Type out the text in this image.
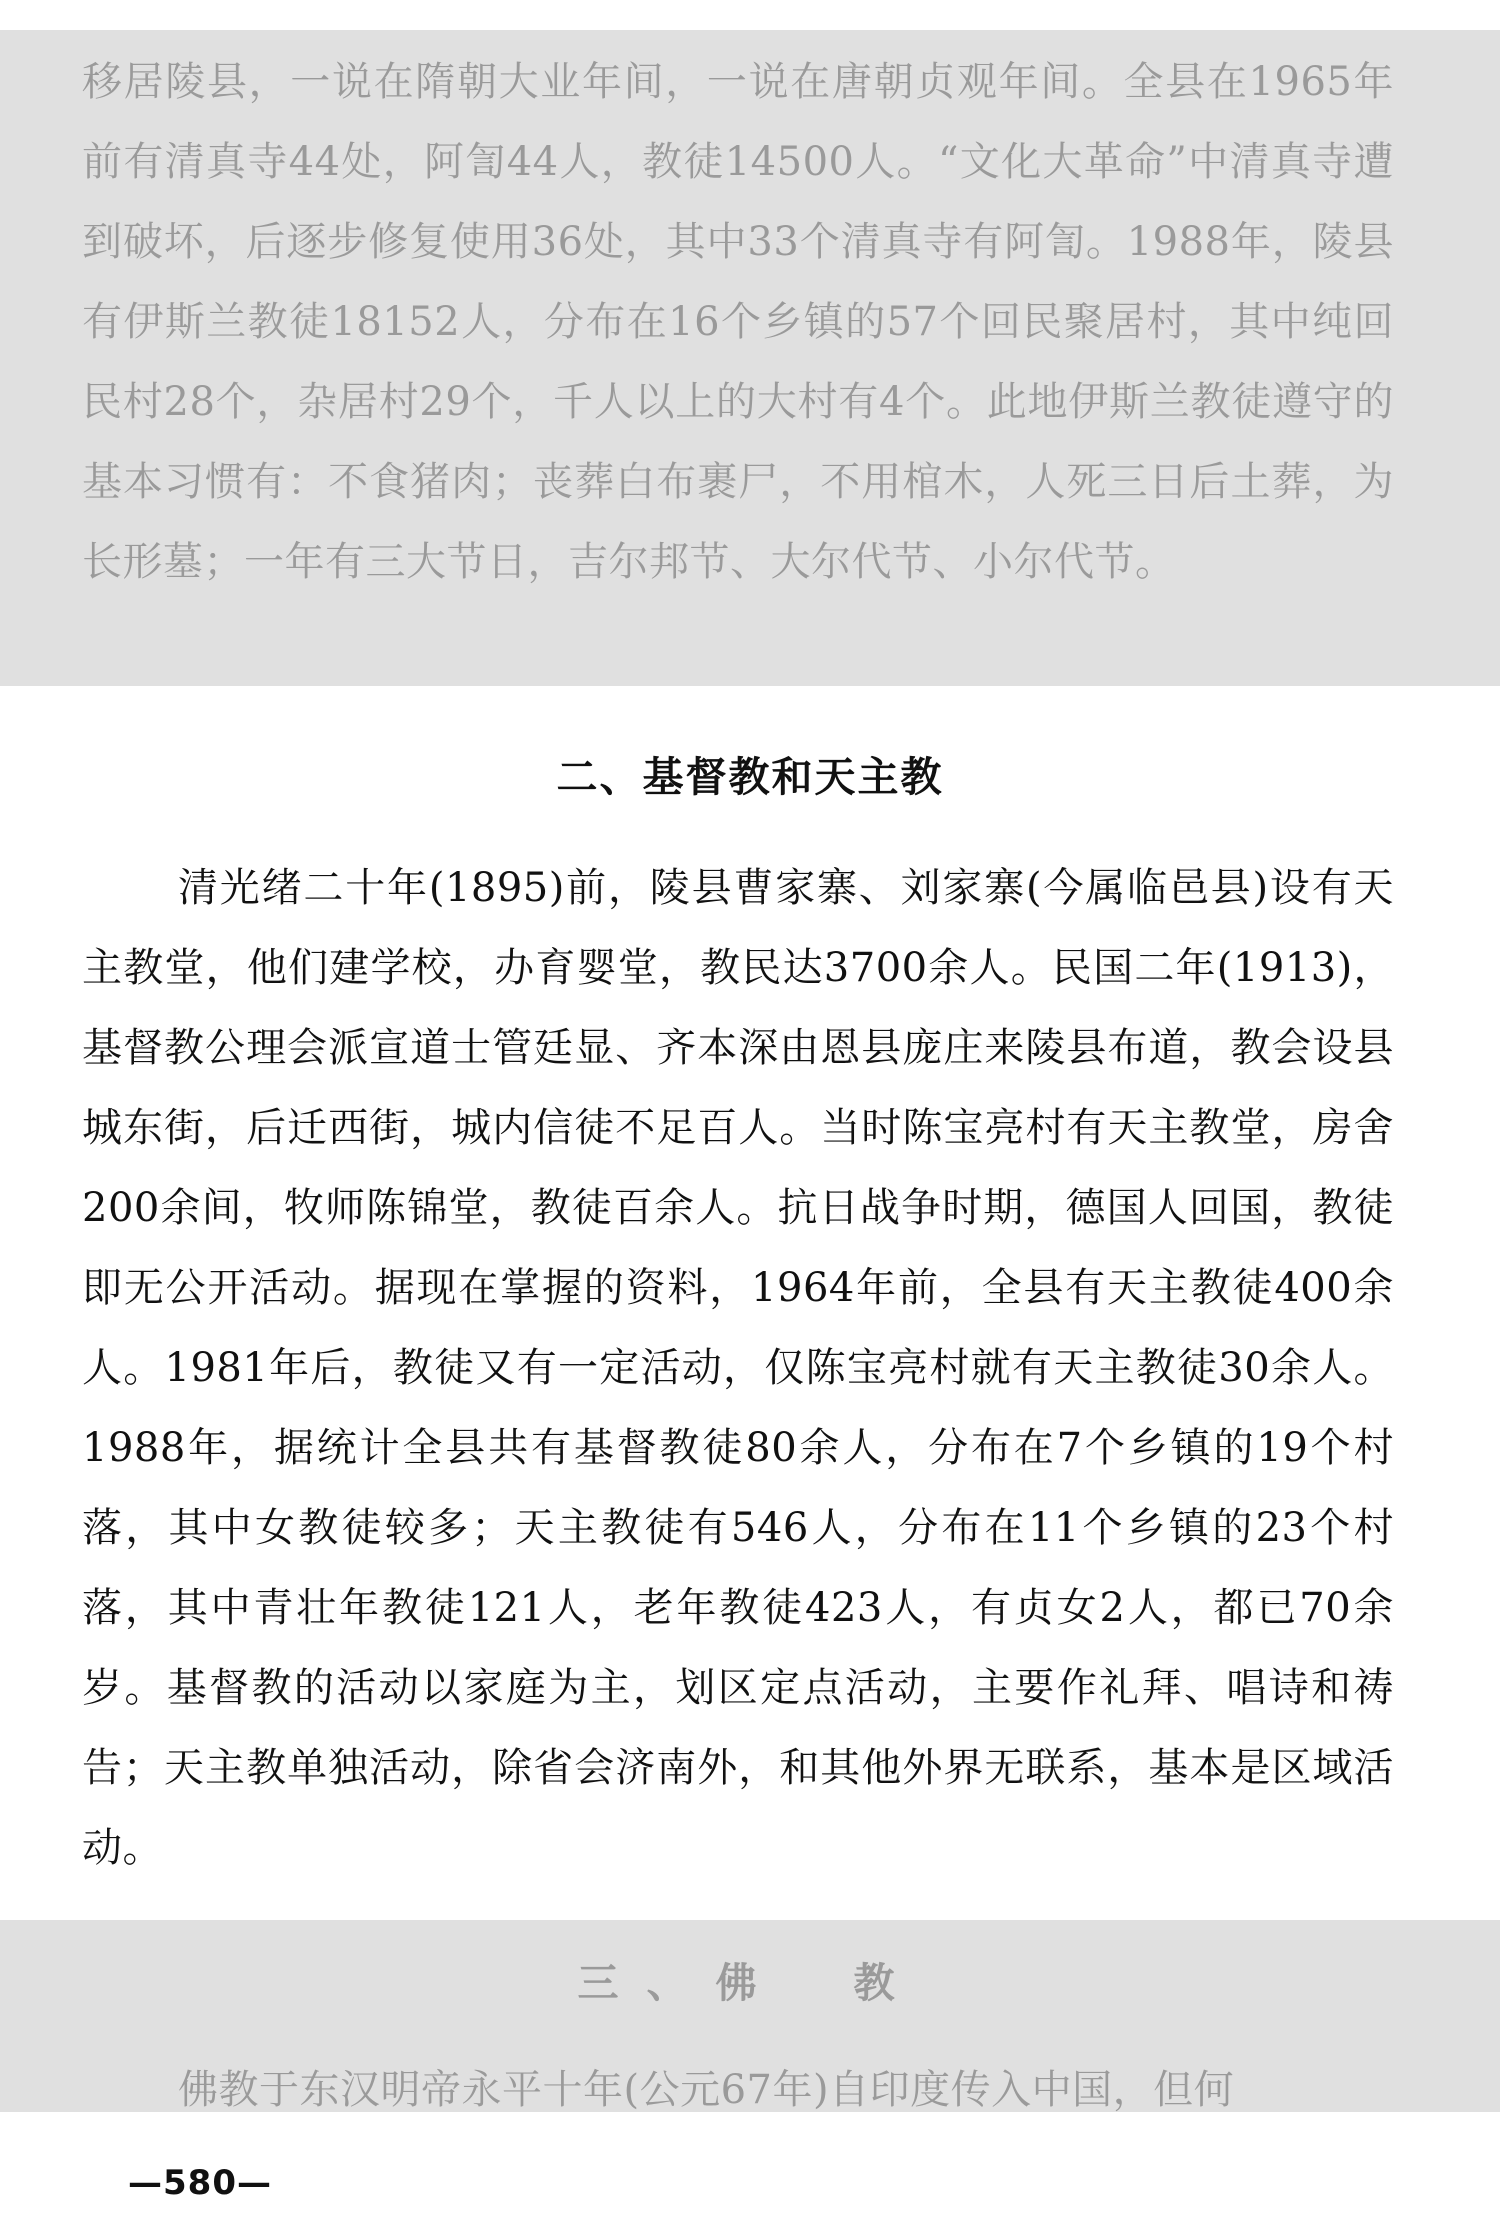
移居陵县，一说在隋朝大业年间，一说在唐朝贞观年间。全县在1965年前有清真寺44处，阿訇44人，教徒14500人。“文化大革命”中清真寺遭到破坏，后逐步修复使用36处，其中33个清真寺有阿訇。1988年，陵县有伊斯兰教徒18152人，分布在16个乡镇的57个回民聚居村，其中纯回民村28个，杂居村29个，千人以上的大村有4个。此地伊斯兰教徒遵守的基本习惯有：不食猪肉；丧葬白布裹尸，不用棺木，人死三日后土葬，为长形墓；一年有三大节日，吉尔邦节、大尔代节、小尔代节。

二、基督教和天主教

清光绪二十年(1895)前，陵县曹家寨、刘家寨(今属临邑县)设有天主教堂，他们建学校，办育婴堂，教民达3700余人。民国二年(1913)，基督教公理会派宣道士管廷显、齐本深由恩县庞庄来陵县布道，教会设县城东街，后迁西街，城内信徒不足百人。当时陈宝亮村有天主教堂，房舍200余间，牧师陈锦堂，教徒百余人。抗日战争时期，德国人回国，教徒即无公开活动。据现在掌握的资料，1964年前，全县有天主教徒400余人。1981年后，教徒又有一定活动，仅陈宝亮村就有天主教徒30余人。1988年，据统计全县共有基督教徒80余人，分布在7个乡镇的19个村落，其中女教徒较多；天主教徒有546人，分布在11个乡镇的23个村落，其中青壮年教徒121人，老年教徒423人，有贞女2人，都已70余岁。基督教的活动以家庭为主，划区定点活动，主要作礼拜、唱诗和祷告；天主教单独活动，除省会济南外，和其他外界无联系，基本是区域活动。

三、佛　教

佛教于东汉明帝永平十年(公元67年)自印度传入中国，但何

—580—
